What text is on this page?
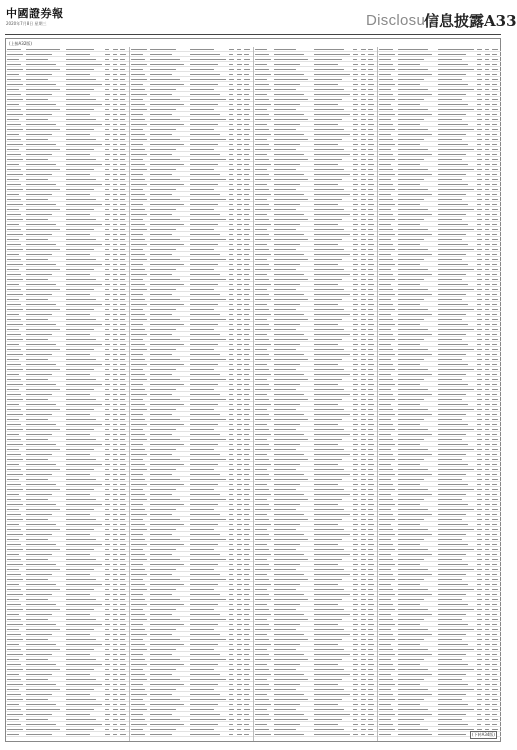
中國證券報
2020年7月8日 星期三	Disclosure
信息披露A33
(上接A32版)
(下转A34版)
